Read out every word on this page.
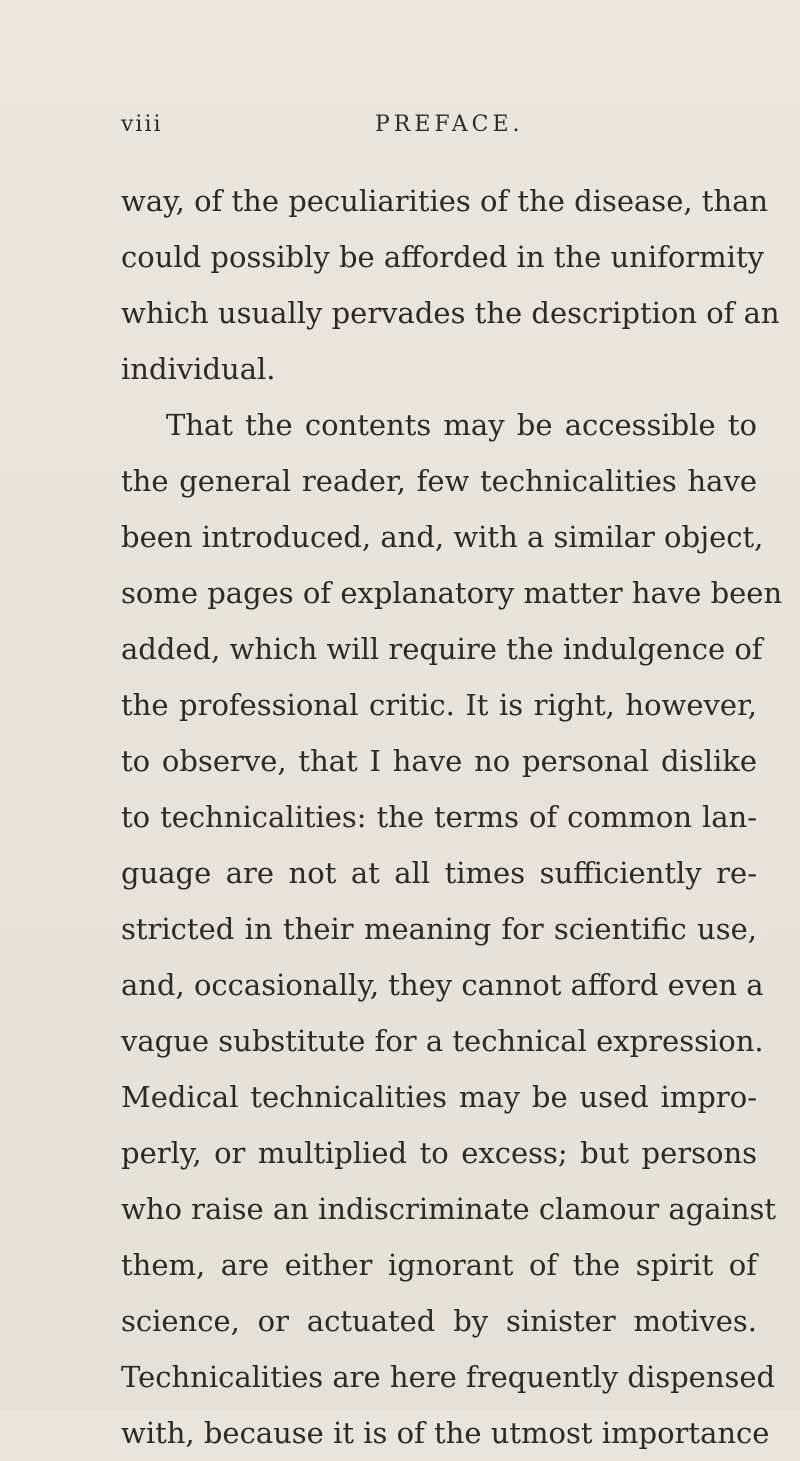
viii	PREFACE.
way, of the peculiarities of the disease, than
could possibly be afforded in the uniformity
which usually pervades the description of an
individual.
That the contents may be accessible to
the general reader, few technicalities have
been introduced, and, with a similar object,
some pages of explanatory matter have been
added, which will require the indulgence of
the professional critic. It is right, however,
to observe, that I have no personal dislike
to technicalities: the terms of common lan-
guage are not at all times sufficiently re-
stricted in their meaning for scientific use,
and, occasionally, they cannot afford even a
vague substitute for a technical expression.
Medical technicalities may be used impro-
perly, or multiplied to excess; but persons
who raise an indiscriminate clamour against
them, are either ignorant of the spirit of
science, or actuated by sinister motives.
Technicalities are here frequently dispensed
with, because it is of the utmost importance
